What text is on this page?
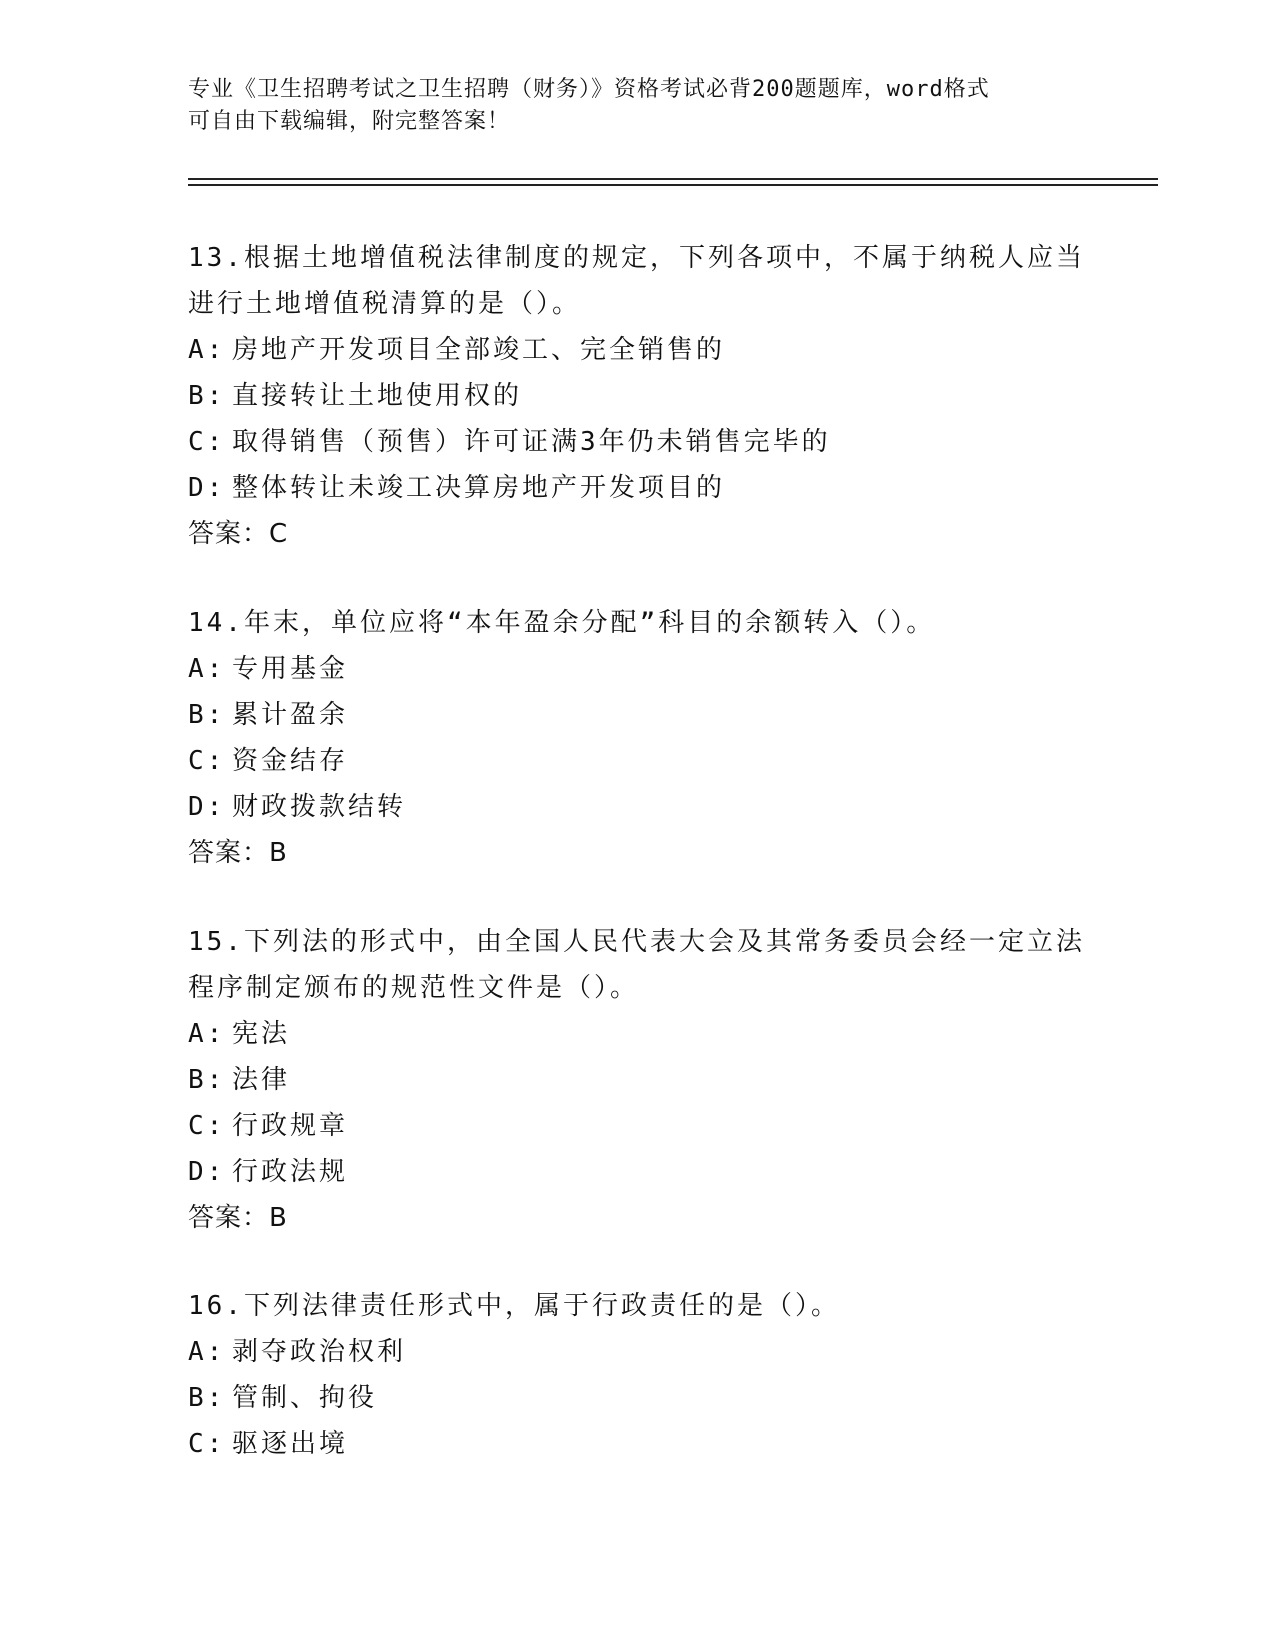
专业《卫生招聘考试之卫生招聘（财务）》资格考试必背200题题库，word格式
可自由下载编辑，附完整答案！
13.根据土地增值税法律制度的规定，下列各项中，不属于纳税人应当
进行土地增值税清算的是（）。
A: 房地产开发项目全部竣工、完全销售的
B: 直接转让土地使用权的
C: 取得销售（预售）许可证满3年仍未销售完毕的
D: 整体转让未竣工决算房地产开发项目的
答案：C
14.年末，单位应将“本年盈余分配”科目的余额转入（）。
A: 专用基金
B: 累计盈余
C: 资金结存
D: 财政拨款结转
答案：B
15.下列法的形式中，由全国人民代表大会及其常务委员会经一定立法
程序制定颁布的规范性文件是（）。
A: 宪法
B: 法律
C: 行政规章
D: 行政法规
答案：B
16.下列法律责任形式中，属于行政责任的是（）。
A: 剥夺政治权利
B: 管制、拘役
C: 驱逐出境
